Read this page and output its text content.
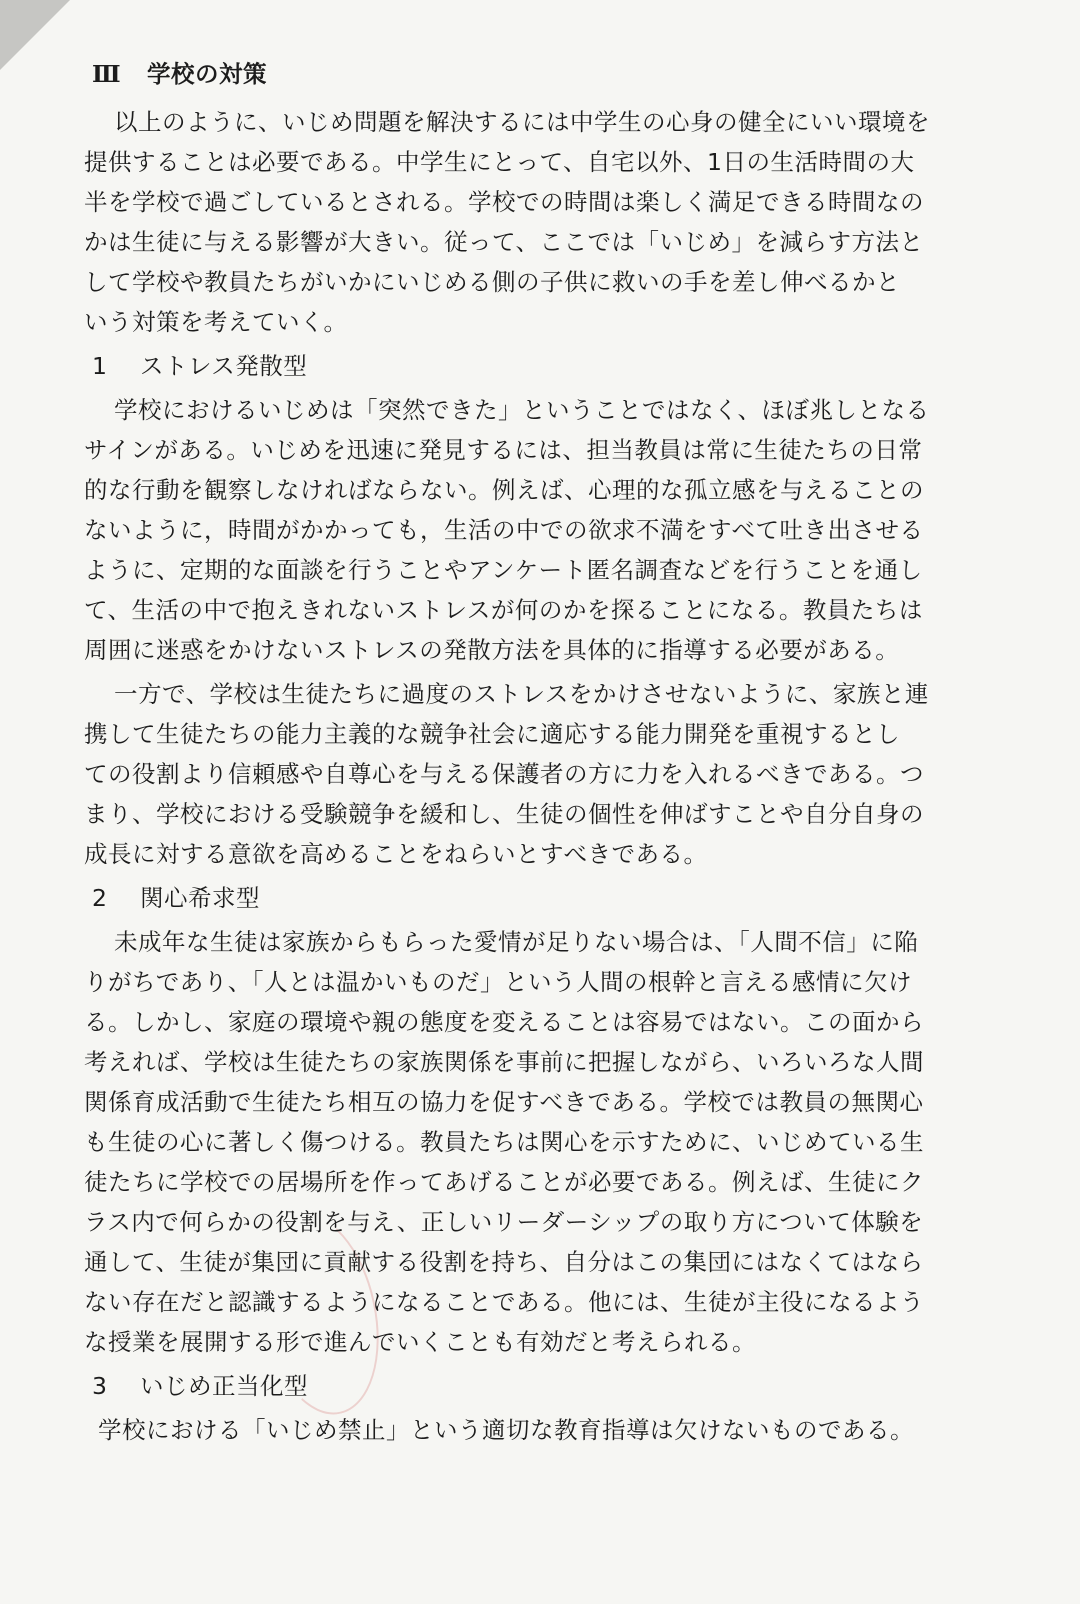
Ⅲ 学校の対策
以上のように、いじめ問題を解決するには中学生の心身の健全にいい環境を
提供することは必要である。中学生にとって、自宅以外、1日の生活時間の大
半を学校で過ごしているとされる。学校での時間は楽しく満足できる時間なの
かは生徒に与える影響が大きい。従って、ここでは「いじめ」を減らす方法と
して学校や教員たちがいかにいじめる側の子供に救いの手を差し伸べるかと
いう対策を考えていく。
1 ストレス発散型
学校におけるいじめは「突然できた」ということではなく、ほぼ兆しとなる
サインがある。いじめを迅速に発見するには、担当教員は常に生徒たちの日常
的な行動を観察しなければならない。例えば、心理的な孤立感を与えることの
ないように，時間がかかっても，生活の中での欲求不満をすべて吐き出させる
ように、定期的な面談を行うことやアンケート匿名調査などを行うことを通し
て、生活の中で抱えきれないストレスが何のかを探ることになる。教員たちは
周囲に迷惑をかけないストレスの発散方法を具体的に指導する必要がある。
一方で、学校は生徒たちに過度のストレスをかけさせないように、家族と連
携して生徒たちの能力主義的な競争社会に適応する能力開発を重視するとし
ての役割より信頼感や自尊心を与える保護者の方に力を入れるべきである。つ
まり、学校における受験競争を緩和し、生徒の個性を伸ばすことや自分自身の
成長に対する意欲を高めることをねらいとすべきである。
2 関心希求型
未成年な生徒は家族からもらった愛情が足りない場合は、「人間不信」に陥
りがちであり、「人とは温かいものだ」という人間の根幹と言える感情に欠け
る。しかし、家庭の環境や親の態度を変えることは容易ではない。この面から
考えれば、学校は生徒たちの家族関係を事前に把握しながら、いろいろな人間
関係育成活動で生徒たち相互の協力を促すべきである。学校では教員の無関心
も生徒の心に著しく傷つける。教員たちは関心を示すために、いじめている生
徒たちに学校での居場所を作ってあげることが必要である。例えば、生徒にク
ラス内で何らかの役割を与え、正しいリーダーシップの取り方について体験を
通して、生徒が集団に貢献する役割を持ち、自分はこの集団にはなくてはなら
ない存在だと認識するようになることである。他には、生徒が主役になるよう
な授業を展開する形で進んでいくことも有効だと考えられる。
3 いじめ正当化型
学校における「いじめ禁止」という適切な教育指導は欠けないものである。
